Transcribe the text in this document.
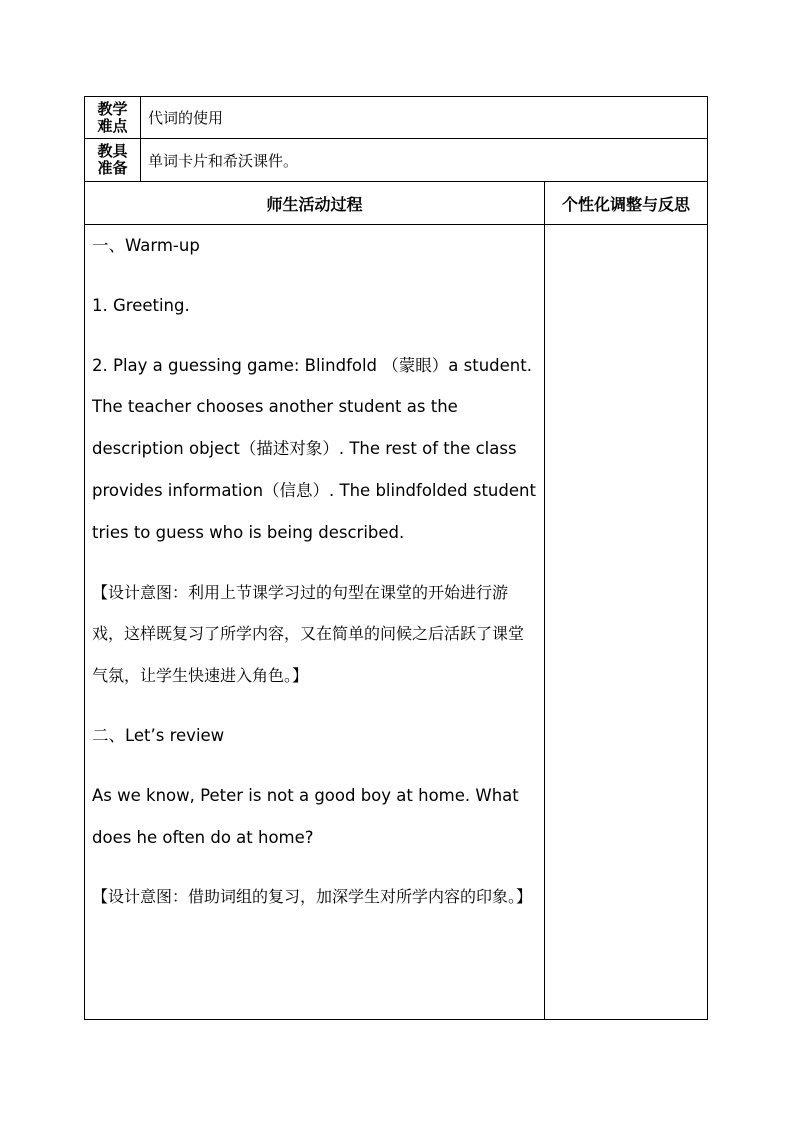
教学
难点	代词的使用
教具
准备	单词卡片和希沃课件。
师生活动过程	个性化调整与反思

一、Warm-up

1. Greeting.

2. Play a guessing game: Blindfold （蒙眼）a student. The teacher chooses another student as the description object（描述对象）. The rest of the class provides information（信息）. The blindfolded student tries to guess who is being described.

【设计意图：利用上节课学习过的句型在课堂的开始进行游戏，这样既复习了所学内容，又在简单的问候之后活跃了课堂气氛，让学生快速进入角色。】

二、Let’s review

As we know, Peter is not a good boy at home. What does he often do at home?

【设计意图：借助词组的复习，加深学生对所学内容的印象。】
